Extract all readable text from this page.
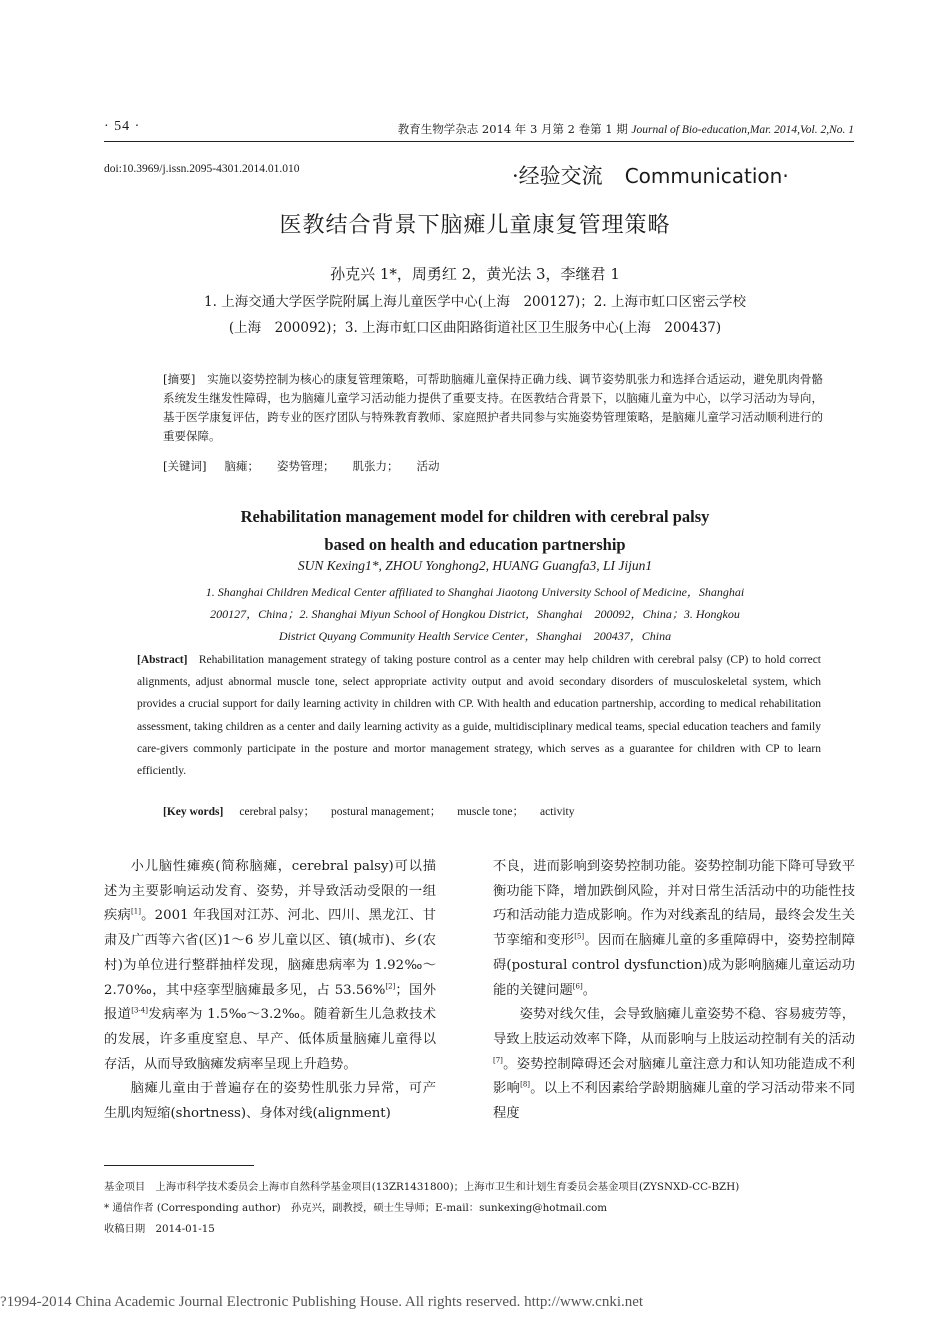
· 54 ·	教育生物学杂志 2014 年 3 月第 2 卷第 1 期 Journal of Bio-education,Mar. 2014,Vol. 2,No. 1
doi:10.3969/j.issn.2095-4301.2014.01.010	·经验交流 Communication·
医教结合背景下脑瘫儿童康复管理策略
孙克兴 1*，周勇红 2，黄光法 3，李继君 1
1. 上海交通大学医学院附属上海儿童医学中心(上海　200127)；2. 上海市虹口区密云学校
(上海　200092)；3. 上海市虹口区曲阳路街道社区卫生服务中心(上海　200437)
[摘要]　 实施以姿势控制为核心的康复管理策略，可帮助脑瘫儿童保持正确力线、调节姿势肌张力和选择合适运动，避免肌肉骨骼系统发生继发性障碍，也为脑瘫儿童学习活动能力提供了重要支持。在医教结合背景下，以脑瘫儿童为中心，以学习活动为导向，基于医学康复评估，跨专业的医疗团队与特殊教育教师、家庭照护者共同参与实施姿势管理策略，是脑瘫儿童学习活动顺利进行的重要保障。
[关键词] 脑瘫； 姿势管理； 肌张力； 活动
Rehabilitation management model for children with cerebral palsy
based on health and education partnership
SUN Kexing1*, ZHOU Yonghong2, HUANG Guangfa3, LI Jijun1
1. Shanghai Children Medical Center affiliated to Shanghai Jiaotong University School of Medicine，Shanghai
200127，China；2. Shanghai Miyun School of Hongkou District，Shanghai　200092，China；3. Hongkou
District Quyang Community Health Service Center，Shanghai　200437，China
[Abstract] Rehabilitation management strategy of taking posture control as a center may help children with cerebral palsy (CP) to hold correct alignments, adjust abnormal muscle tone, select appropriate activity output and avoid secondary disorders of musculoskeletal system, which provides a crucial support for daily learning activity in children with CP. With health and education partnership, according to medical rehabilitation assessment, taking children as a center and daily learning activity as a guide, multidisciplinary medical teams, special education teachers and family care-givers commonly participate in the posture and mortor management strategy, which serves as a guarantee for children with CP to learn efficiently.
[Key words] cerebral palsy； postural management； muscle tone； activity

小儿脑性瘫痪(简称脑瘫，cerebral palsy)可以描述为主要影响运动发育、姿势，并导致活动受限的一组疾病[1]。2001 年我国对江苏、河北、四川、黑龙江、甘肃及广西等六省(区)1～6 岁儿童以区、镇(城市)、乡(农村)为单位进行整群抽样发现，脑瘫患病率为 1.92‰～2.70‰，其中痉挛型脑瘫最多见，占 53.56%[2]；国外报道[3-4]发病率为 1.5‰～3.2‰。随着新生儿急救技术的发展，许多重度窒息、早产、低体质量脑瘫儿童得以存活，从而导致脑瘫发病率呈现上升趋势。

脑瘫儿童由于普遍存在的姿势性肌张力异常，可产生肌肉短缩(shortness)、身体对线(alignment)

不良，进而影响到姿势控制功能。姿势控制功能下降可导致平衡功能下降，增加跌倒风险，并对日常生活活动中的功能性技巧和活动能力造成影响。作为对线紊乱的结局，最终会发生关节挛缩和变形[5]。因而在脑瘫儿童的多重障碍中，姿势控制障碍(postural control dysfunction)成为影响脑瘫儿童运动功能的关键问题[6]。

姿势对线欠佳，会导致脑瘫儿童姿势不稳、容易疲劳等，导致上肢运动效率下降，从而影响与上肢运动控制有关的活动[7]。姿势控制障碍还会对脑瘫儿童注意力和认知功能造成不利影响[8]。以上不利因素给学龄期脑瘫儿童的学习活动带来不同程度

基金项目　上海市科学技术委员会上海市自然科学基金项目(13ZR1431800)；上海市卫生和计划生育委员会基金项目(ZYSNXD-CC-BZH)
* 通信作者 (Corresponding author)　孙克兴，副教授，硕士生导师；E-mail：sunkexing@hotmail.com
收稿日期　2014-01-15
?1994-2014 China Academic Journal Electronic Publishing House. All rights reserved. http://www.cnki.net
